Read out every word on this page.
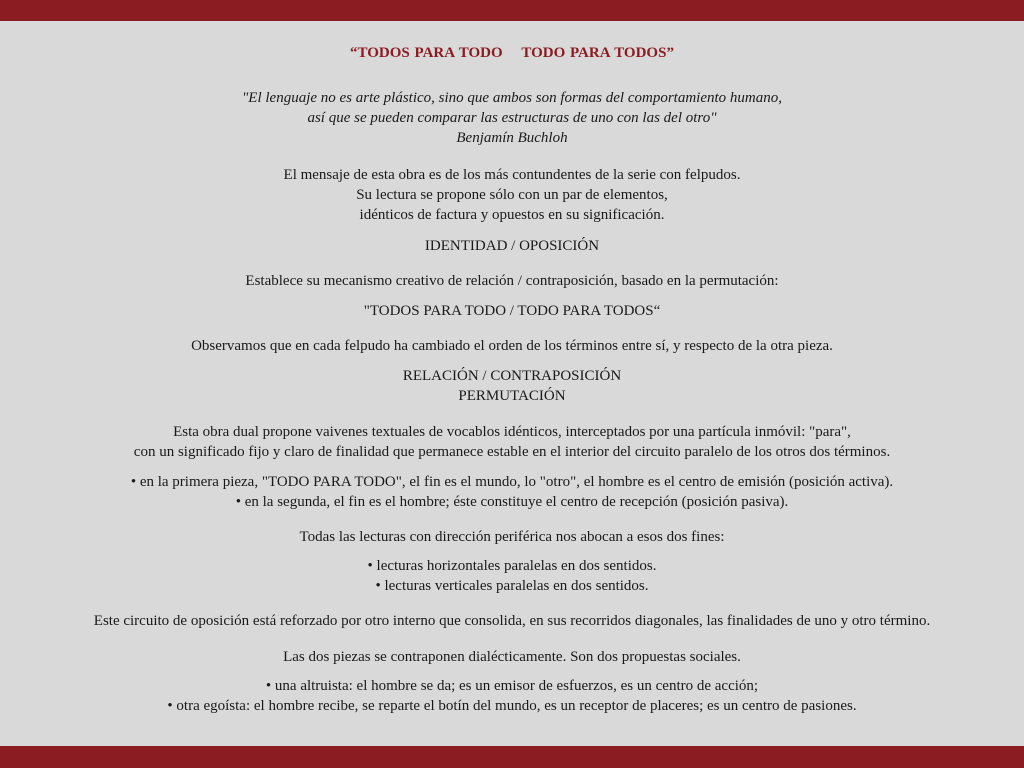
“TODOS PARA TODO    TODO PARA TODOS”
"El lenguaje no es arte plástico, sino que ambos son formas del comportamiento humano,
así que se pueden comparar las estructuras de uno con las del otro"
Benjamín Buchloh
El mensaje de esta obra es de los más contundentes de la serie con felpudos.
Su lectura se propone sólo con un par de elementos,
idénticos de factura y opuestos en su significación.
IDENTIDAD / OPOSICIÓN
Establece su mecanismo creativo de relación / contraposición, basado en la permutación:
"TODOS PARA TODO / TODO PARA TODOS“
Observamos que en cada felpudo ha cambiado el orden de los términos entre sí, y respecto de la otra pieza.
RELACIÓN / CONTRAPOSICIÓN
PERMUTACIÓN
Esta obra dual propone vaivenes textuales de vocablos idénticos, interceptados por una partícula inmóvil: "para",
con un significado fijo y claro de finalidad que permanece estable en el interior del circuito paralelo de los otros dos términos.
• en la primera pieza, "TODO PARA TODO", el fin es el mundo, lo "otro", el hombre es el centro de emisión (posición activa).
• en la segunda, el fin es el hombre; éste constituye el centro de recepción (posición pasiva).
Todas las lecturas con dirección periférica nos abocan a esos dos fines:
• lecturas horizontales paralelas en dos sentidos.
• lecturas verticales paralelas en dos sentidos.
Este circuito de oposición está reforzado por otro interno que consolida, en sus recorridos diagonales, las finalidades de uno y otro término.
Las dos piezas se contraponen dialécticamente. Son dos propuestas sociales.
• una altruista: el hombre se da; es un emisor de esfuerzos, es un centro de acción;
• otra egoísta: el hombre recibe, se reparte el botín del mundo, es un receptor de placeres; es un centro de pasiones.
